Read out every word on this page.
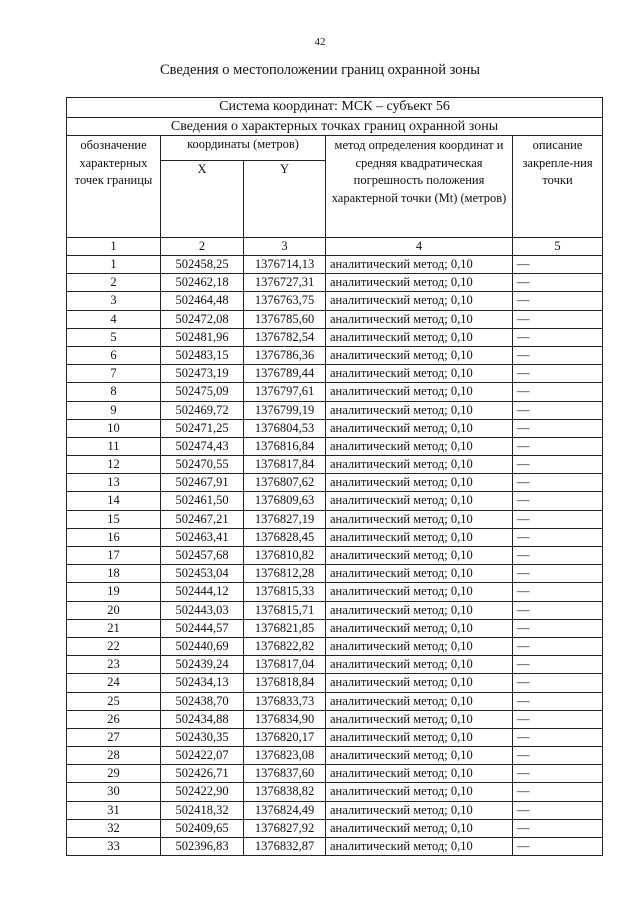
42
Сведения о местоположении границ охранной зоны
Система координат: МСК – субъект 56				
Сведения о характерных точках границ охранной зоны				
обозначение характерных точек границы	координаты (метров)		метод определения координат и средняя квадратическая погрешность положения характерной точки (Mt) (метров)	описание закрепле-ния точки
	X	Y		
1	2	3	4	5
1	502458,25	1376714,13	аналитический метод; 0,10	—
2	502462,18	1376727,31	аналитический метод; 0,10	—
3	502464,48	1376763,75	аналитический метод; 0,10	—
4	502472,08	1376785,60	аналитический метод; 0,10	—
5	502481,96	1376782,54	аналитический метод; 0,10	—
6	502483,15	1376786,36	аналитический метод; 0,10	—
7	502473,19	1376789,44	аналитический метод; 0,10	—
8	502475,09	1376797,61	аналитический метод; 0,10	—
9	502469,72	1376799,19	аналитический метод; 0,10	—
10	502471,25	1376804,53	аналитический метод; 0,10	—
11	502474,43	1376816,84	аналитический метод; 0,10	—
12	502470,55	1376817,84	аналитический метод; 0,10	—
13	502467,91	1376807,62	аналитический метод; 0,10	—
14	502461,50	1376809,63	аналитический метод; 0,10	—
15	502467,21	1376827,19	аналитический метод; 0,10	—
16	502463,41	1376828,45	аналитический метод; 0,10	—
17	502457,68	1376810,82	аналитический метод; 0,10	—
18	502453,04	1376812,28	аналитический метод; 0,10	—
19	502444,12	1376815,33	аналитический метод; 0,10	—
20	502443,03	1376815,71	аналитический метод; 0,10	—
21	502444,57	1376821,85	аналитический метод; 0,10	—
22	502440,69	1376822,82	аналитический метод; 0,10	—
23	502439,24	1376817,04	аналитический метод; 0,10	—
24	502434,13	1376818,84	аналитический метод; 0,10	—
25	502438,70	1376833,73	аналитический метод; 0,10	—
26	502434,88	1376834,90	аналитический метод; 0,10	—
27	502430,35	1376820,17	аналитический метод; 0,10	—
28	502422,07	1376823,08	аналитический метод; 0,10	—
29	502426,71	1376837,60	аналитический метод; 0,10	—
30	502422,90	1376838,82	аналитический метод; 0,10	—
31	502418,32	1376824,49	аналитический метод; 0,10	—
32	502409,65	1376827,92	аналитический метод; 0,10	—
33	502396,83	1376832,87	аналитический метод; 0,10	—
